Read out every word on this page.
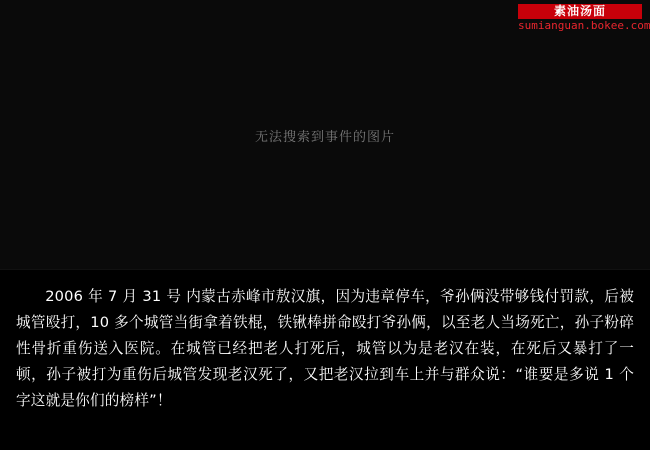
无法搜索到事件的图片
素油汤面
sumianguan.bokee.com

2006 年 7 月 31 号 内蒙古赤峰市敖汉旗，因为违章停车，爷孙俩没带够钱付罚款，后被城管殴打，10 多个城管当街拿着铁棍，铁锹棒拼命殴打爷孙俩，以至老人当场死亡，孙子粉碎性骨折重伤送入医院。在城管已经把老人打死后，城管以为是老汉在装，在死后又暴打了一顿，孙子被打为重伤后城管发现老汉死了，又把老汉拉到车上并与群众说：“谁要是多说 1 个字这就是你们的榜样”！
